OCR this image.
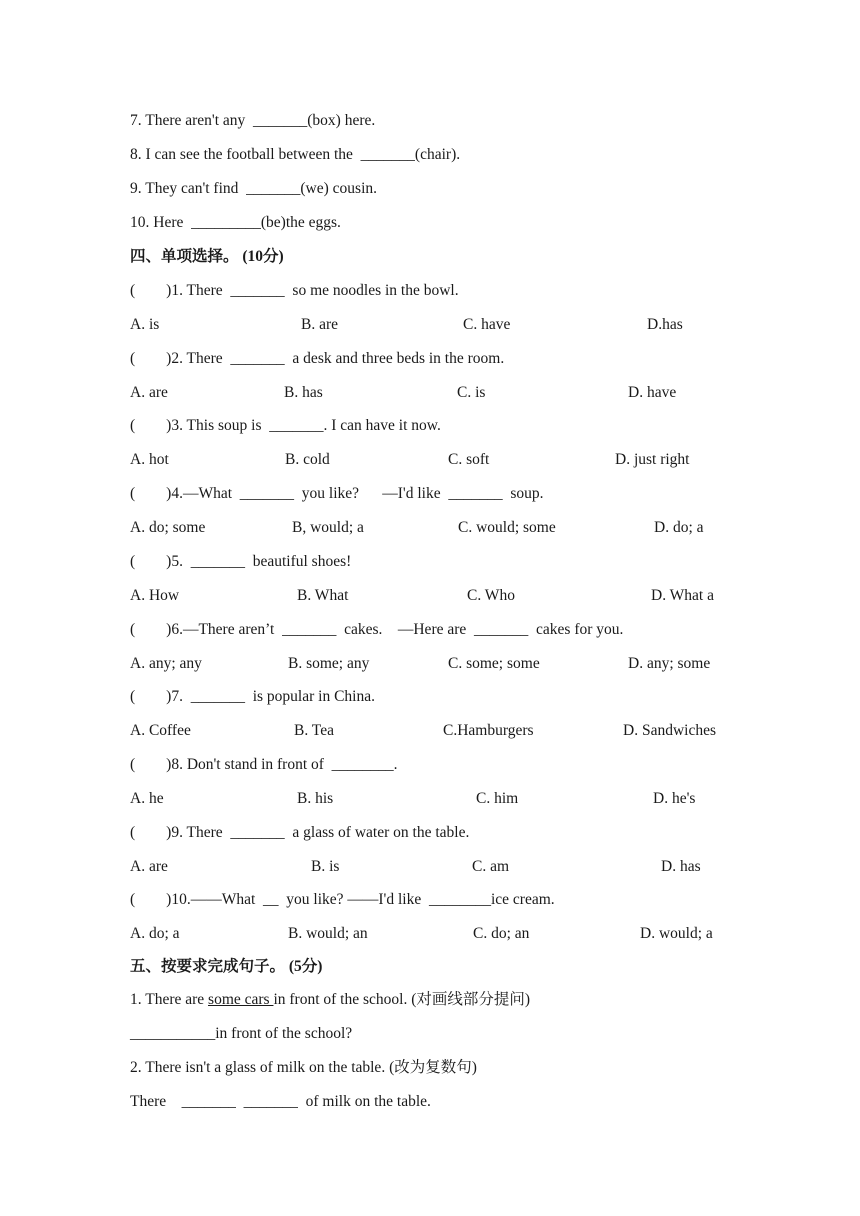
7. There aren't any  _______(box) here.
8. I can see the football between the  _______(chair).
9. They can't find  _______(we) cousin.
10. Here  _________(be)the eggs.
四、单项选择。 (10分)
(        )1. There  _______  so me noodles in the bowl.
A. is	B. are	C. have	D.has
(        )2. There  _______  a desk and three beds in the room.
A. are	B. has	C. is	D. have
(        )3. This soup is  _______. I can have it now.
A. hot	B. cold	C. soft	D. just right
(        )4.—What  _______  you like?      —I'd like  _______  soup.
A. do; some	B, would; a	C. would; some	D. do; a
(        )5.  _______  beautiful shoes!
A. How	B. What	C. Who	D. What a
(        )6.—There aren’t  _______  cakes.    —Here are  _______  cakes for you.
A. any; any	B. some; any	C. some; some	D. any; some
(        )7.  _______  is popular in China.
A. Coffee	B. Tea	C.Hamburgers	D. Sandwiches
(        )8. Don't stand in front of  ________.
A. he	B. his	C. him	D. he's
(        )9. There  _______  a glass of water on the table.
A. are	B. is	C. am	D. has
(        )10.——What  __  you like? ——I'd like  ________ice cream.
A. do; a	B. would; an	C. do; an	D. would; a
五、按要求完成句子。 (5分)
1. There are some cars in front of the school. (对画线部分提问)
___________in front of the school?
2. There isn't a glass of milk on the table. (改为复数句)
There    _______  _______  of milk on the table.
